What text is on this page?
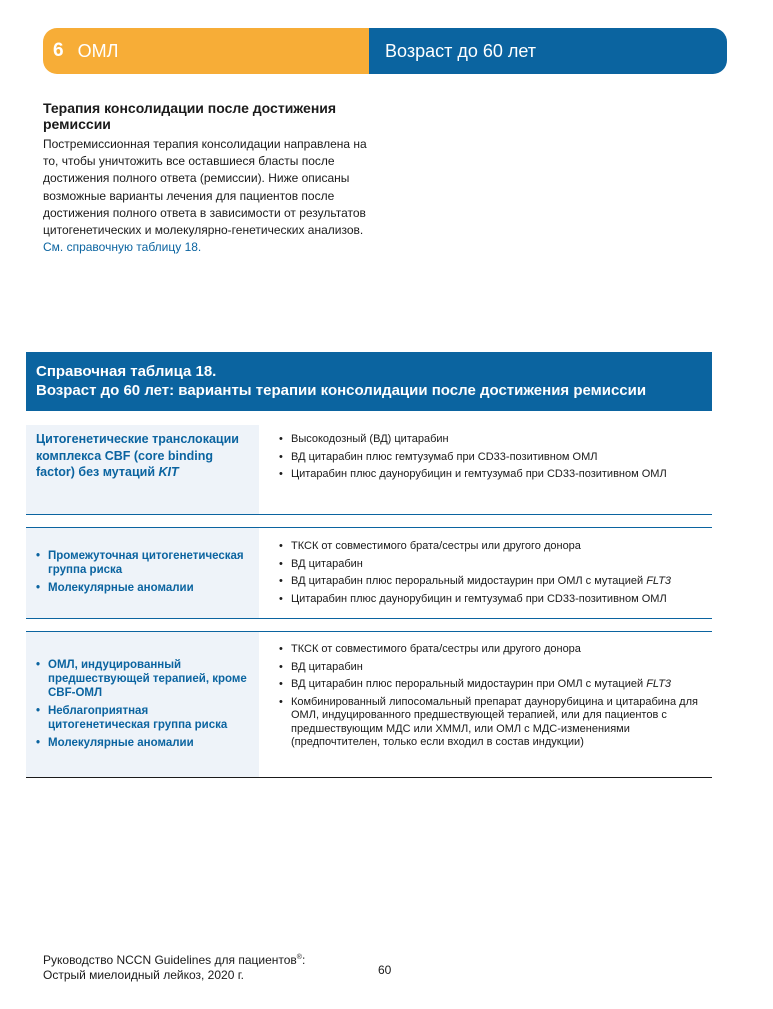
6 ОМЛ	Возраст до 60 лет
Терапия консолидации после достижения ремиссии

Постремиссионная терапия консолидации направлена на то, чтобы уничтожить все оставшиеся бласты после достижения полного ответа (ремиссии). Ниже описаны возможные варианты лечения для пациентов после достижения полного ответа в зависимости от результатов цитогенетических и молекулярно-генетических анализов. См. справочную таблицу 18.

Справочная таблица 18.
Возраст до 60 лет: варианты терапии консолидации после достижения ремиссии
Цитогенетические транслокации комплекса CBF (core binding factor) без мутаций KIT
• Высокодозный (ВД) цитарабин
• ВД цитарабин плюс гемтузумаб при CD33-позитивном ОМЛ
• Цитарабин плюс даунорубицин и гемтузумаб при CD33-позитивном ОМЛ
• Промежуточная цитогенетическая группа риска
• Молекулярные аномалии
• ТКСК от совместимого брата/сестры или другого донора
• ВД цитарабин
• ВД цитарабин плюс пероральный мидостаурин при ОМЛ с мутацией FLT3
• Цитарабин плюс даунорубицин и гемтузумаб при CD33-позитивном ОМЛ
• ОМЛ, индуцированный предшествующей терапией, кроме CBF-ОМЛ
• Неблагоприятная цитогенетическая группа риска
• Молекулярные аномалии
• ТКСК от совместимого брата/сестры или другого донора
• ВД цитарабин
• ВД цитарабин плюс пероральный мидостаурин при ОМЛ с мутацией FLT3
• Комбинированный липосомальный препарат даунорубицина и цитарабина для ОМЛ, индуцированного предшествующей терапией, или для пациентов с предшествующим МДС или ХММЛ, или ОМЛ с МДС-изменениями (предпочтителен, только если входил в состав индукции)
Руководство NCCN Guidelines для пациентов®:
Острый миелоидный лейкоз, 2020 г.	60
